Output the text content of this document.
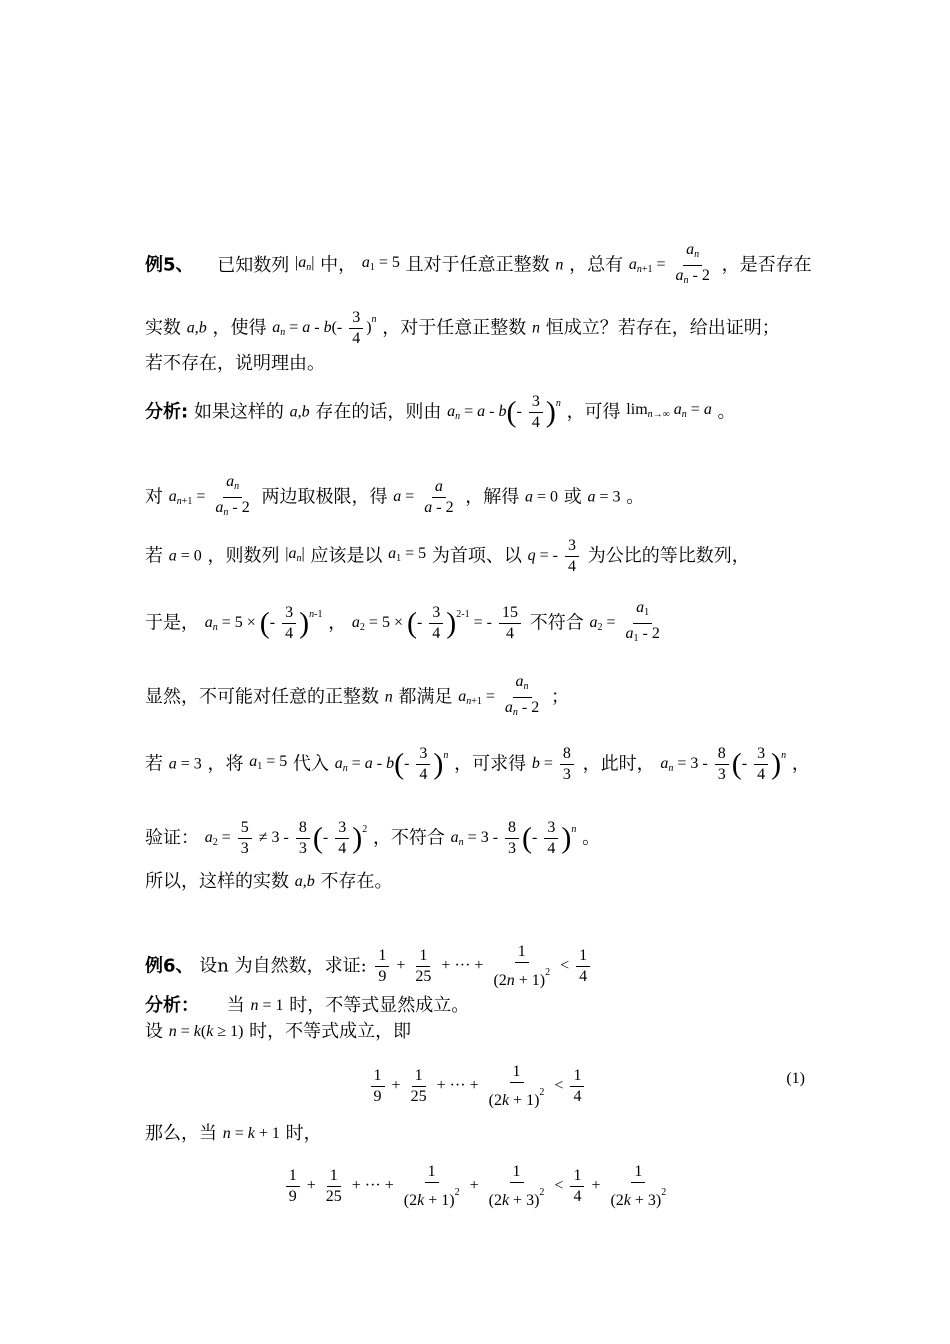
例5、 已知数列 $|a_n|$ 中， $a_1 = 5$ 且对于任意正整数 n ，总有 $a_{n+1} = \frac{a_n}{a_n - 2}$ ，是否存在
实数 a,b ，使得 $a_n = a - b(- \frac{3}{4} )^n$ ，对于任意正整数 n 恒成立？若存在，给出证明；
若不存在，说明理由。
分析: 如果这样的 a,b 存在的话，则由 $a_n = a - b(- \frac{3}{4} )^n$ ，可得 $\lim_{n\to\infty} a_n = a$ 。
对 $a_{n+1} = \frac{a_n}{a_n - 2}$ 两边取极限，得 $a = \frac{a}{a - 2}$ ，解得 a = 0 或 a = 3 。
若 a = 0 ，则数列 $|a_n|$ 应该是以 $a_1 = 5$ 为首项、以 q = - $\frac{3}{4}$ 为公比的等比数列，
于是， $a_n = 5$ × (- $\frac{3}{4} )^{n-1}$ ， $a_2 = 5$ × (- $\frac{3}{4} )^{2-1}$ = - $\frac{15}{4}$ 不符合 $a_2 = \frac{a_1}{a_1 - 2}$
显然，不可能对任意的正整数 n 都满足 $a_{n+1} = \frac{a_n}{a_n - 2}$ ；
若 a = 3 ，将 $a_1 = 5$ 代入 $a_n = a - b(- \frac{3}{4} )^n$ ，可求得 $b = \frac{8}{3}$ ，此时， $a_n = 3 - \frac{8}{3}$ (- $\frac{3}{4} )^n$ ，
验证： $a_2 = \frac{5}{3} \ne 3 - \frac{8}{3}$ (- $\frac{3}{4} )^2$ ，不符合 $a_n = 3 - \frac{8}{3}$ (- $\frac{3}{4} )^n$ 。
所以，这样的实数 a,b 不存在。
例6、 设n 为自然数，求证: $\frac{1}{9} + \frac{1}{25}$ + ··· + $\frac{1}{(2n + 1)^2} < \frac{1}{4}$
分析： 当 n = 1 时，不等式显然成立。
设 n = k(k ≥ 1) 时，不等式成立，即
$\frac{1}{9} + \frac{1}{25}$ + ··· + $\frac{1}{(2k + 1)^2} < \frac{1}{4}$	(1)
那么，当 n = k + 1 时，
$\frac{1}{9} + \frac{1}{25}$ + ··· + $\frac{1}{(2k + 1)^2} + \frac{1}{(2k + 3)^2} < \frac{1}{4} + \frac{1}{(2k + 3)^2}$
